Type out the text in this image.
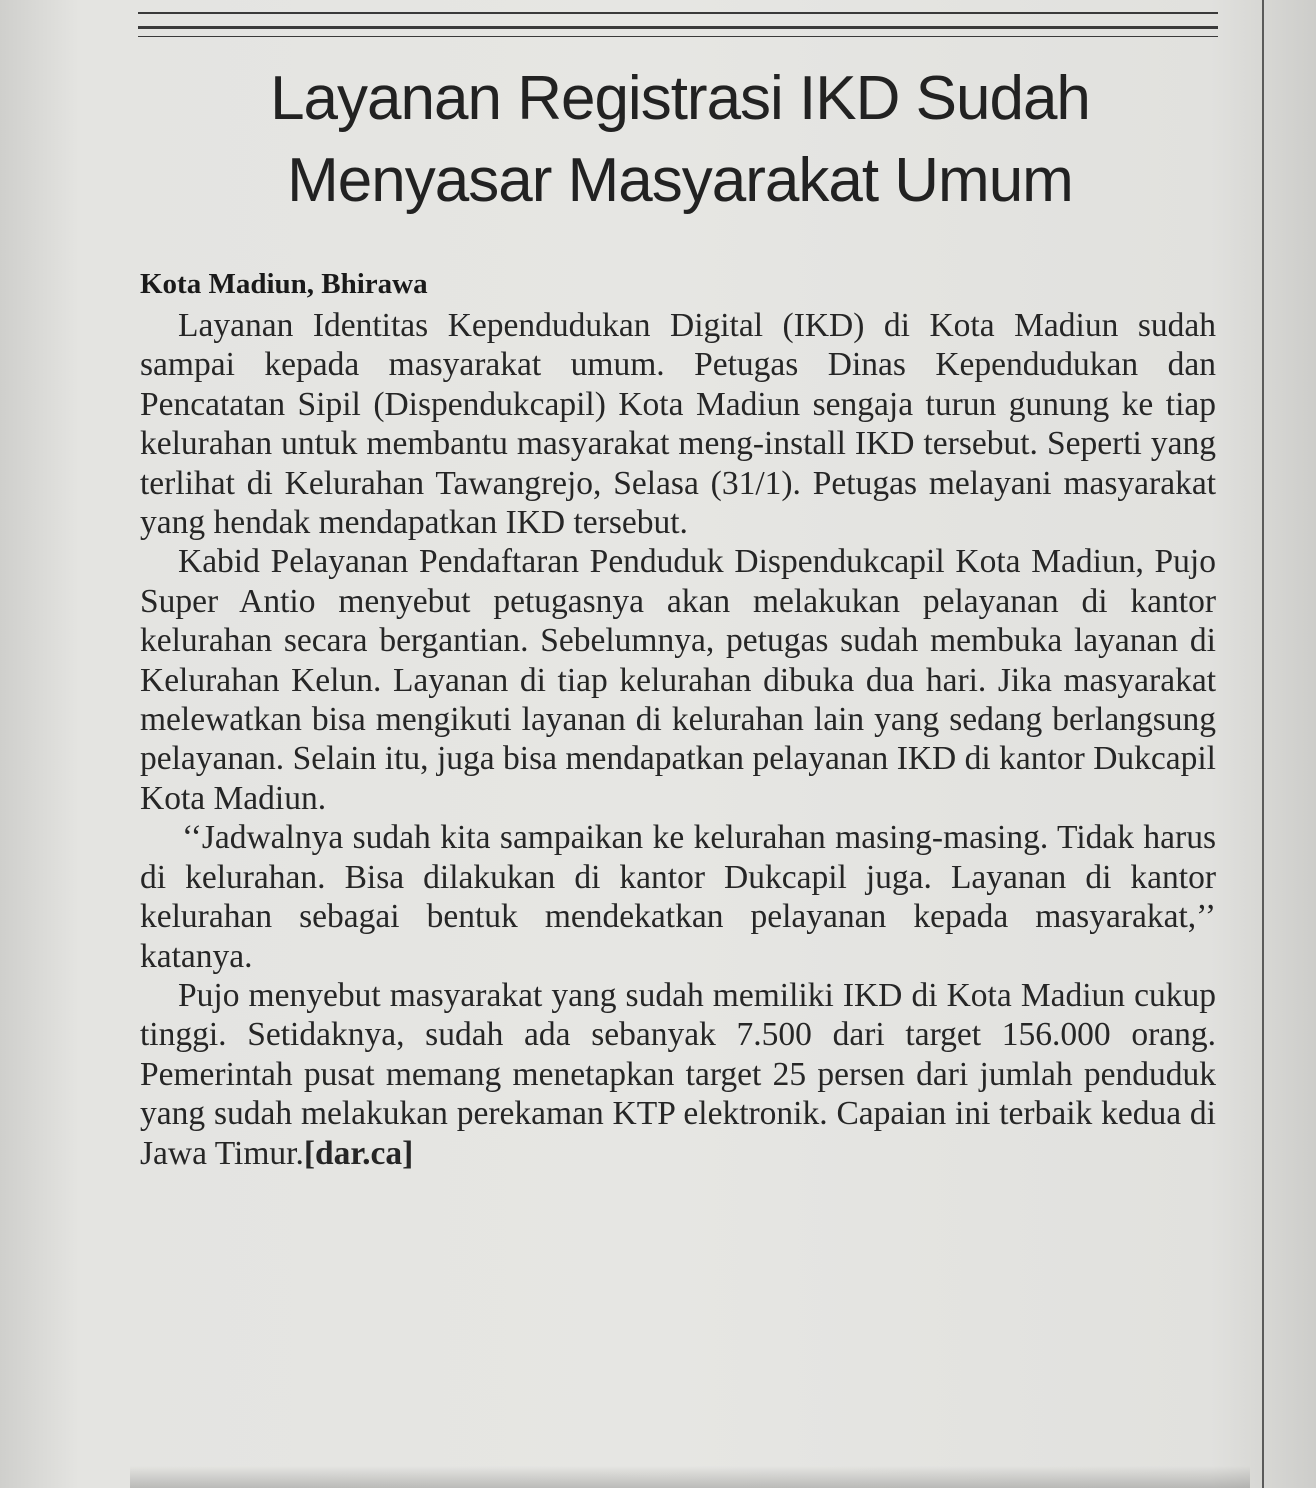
Layanan Registrasi IKD Sudah
Menyasar Masyarakat Umum

Kota Madiun, Bhirawa

Layanan Identitas Kependudukan Digital (IKD) di Kota Madiun sudah sampai kepada masyarakat umum. Petugas Dinas Kependudukan dan Pencatatan Sipil (Dispendukcapil) Kota Madiun sengaja turun gunung ke tiap kelurahan untuk membantu masyarakat meng-install IKD tersebut. Seperti yang terlihat di Kelurahan Tawangrejo, Selasa (31/1). Petugas melayani masyarakat yang hendak mendapatkan IKD tersebut.

Kabid Pelayanan Pendaftaran Penduduk Dispendukcapil Kota Madiun, Pujo Super Antio menyebut petugasnya akan melakukan pelayanan di kantor kelurahan secara bergantian. Sebelumnya, petugas sudah membuka layanan di Kelurahan Kelun. Layanan di tiap kelurahan dibuka dua hari. Jika masyarakat melewatkan bisa mengikuti layanan di kelurahan lain yang sedang berlangsung pelayanan. Selain itu, juga bisa mendapatkan pelayanan IKD di kantor Dukcapil Kota Madiun.

‘‘Jadwalnya sudah kita sampaikan ke kelurahan masing-masing. Tidak harus di kelurahan. Bisa dilakukan di kantor Dukcapil juga. Layanan di kantor kelurahan sebagai bentuk mendekatkan pelayanan kepada masyarakat,’’ katanya.

Pujo menyebut masyarakat yang sudah memiliki IKD di Kota Madiun cukup tinggi. Setidaknya, sudah ada sebanyak 7.500 dari target 156.000 orang. Pemerintah pusat memang menetapkan target 25 persen dari jumlah penduduk yang sudah melakukan perekaman KTP elektronik. Capaian ini terbaik kedua di Jawa Timur.[dar.ca]
